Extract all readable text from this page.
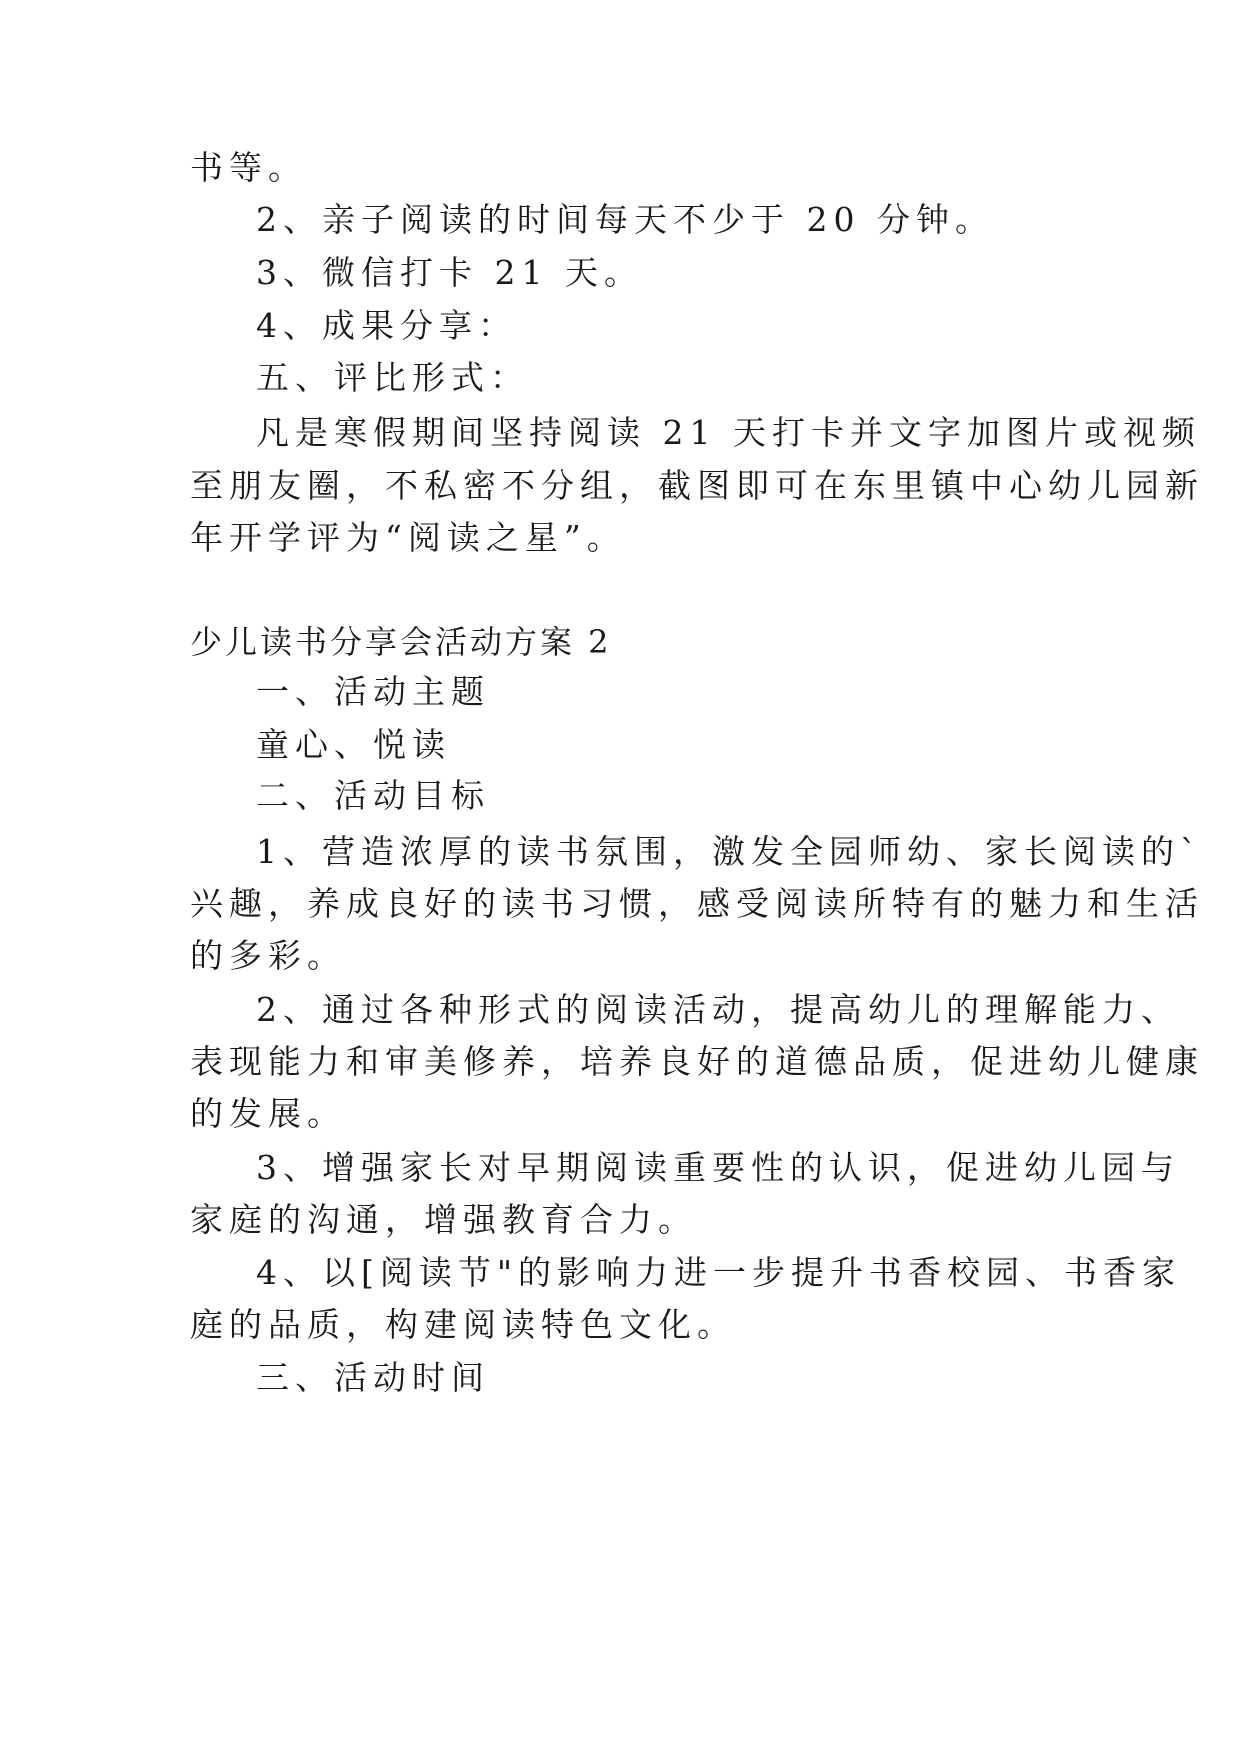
书等。
2、亲子阅读的时间每天不少于 20 分钟。
3、微信打卡 21 天。
4、成果分享：
五、评比形式：
凡是寒假期间坚持阅读 21 天打卡并文字加图片或视频
至朋友圈，不私密不分组，截图即可在东里镇中心幼儿园新
年开学评为“阅读之星”。
少儿读书分享会活动方案 2
一、活动主题
童心、悦读
二、活动目标
1、营造浓厚的读书氛围，激发全园师幼、家长阅读的`
兴趣，养成良好的读书习惯，感受阅读所特有的魅力和生活
的多彩。
2、通过各种形式的阅读活动，提高幼儿的理解能力、
表现能力和审美修养，培养良好的道德品质，促进幼儿健康
的发展。
3、增强家长对早期阅读重要性的认识，促进幼儿园与
家庭的沟通，增强教育合力。
4、以[阅读节"的影响力进一步提升书香校园、书香家
庭的品质，构建阅读特色文化。
三、活动时间
